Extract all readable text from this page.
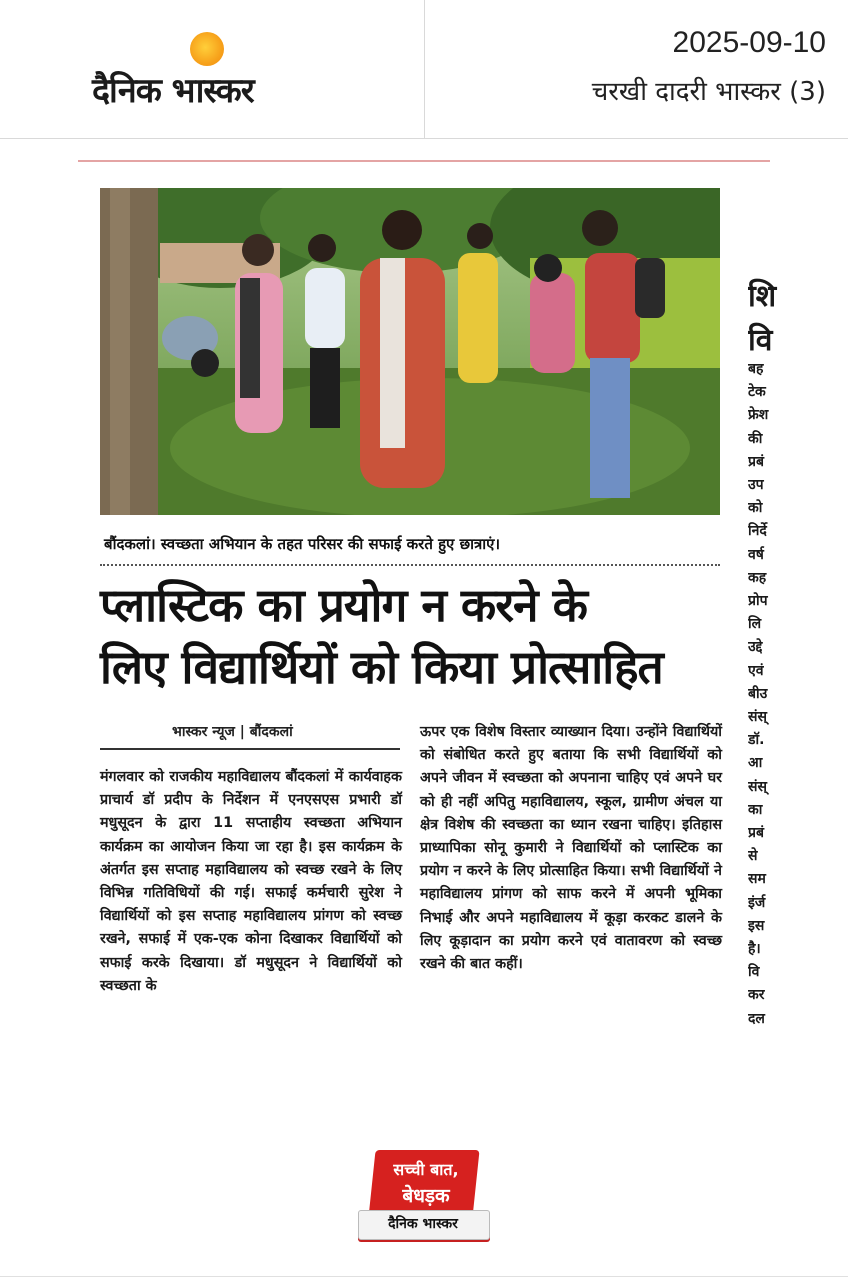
दैनिक भास्कर
2025-09-10
चरखी दादरी भास्कर (3)
बौंदकलां। स्वच्छता अभियान के तहत परिसर की सफाई करते हुए छात्राएं।
प्लास्टिक का प्रयोग न करने के
लिए विद्यार्थियों को किया प्रोत्साहित
भास्कर न्यूज | बौंदकलां
मंगलवार को राजकीय महाविद्यालय बौंदकलां में कार्यवाहक प्राचार्य डॉ प्रदीप के निर्देशन में एनएसएस प्रभारी डॉ मधुसूदन के द्वारा 11 सप्ताहीय स्वच्छता अभियान कार्यक्रम का आयोजन किया जा रहा है। इस कार्यक्रम के अंतर्गत इस सप्ताह महाविद्यालय को स्वच्छ रखने के लिए विभिन्न गतिविधियों की गई। सफाई कर्मचारी सुरेश ने विद्यार्थियों को इस सप्ताह महाविद्यालय प्रांगण को स्वच्छ रखने, सफाई में एक-एक कोना दिखाकर विद्यार्थियों को सफाई करके दिखाया। डॉ मधुसूदन ने विद्यार्थियों को स्वच्छता के
ऊपर एक विशेष विस्तार व्याख्यान दिया। उन्होंने विद्यार्थियों को संबोधित करते हुए बताया कि सभी विद्यार्थियों को अपने जीवन में स्वच्छता को अपनाना चाहिए एवं अपने घर को ही नहीं अपितु महाविद्यालय, स्कूल, ग्रामीण अंचल या क्षेत्र विशेष की स्वच्छता का ध्यान रखना चाहिए। इतिहास प्राध्यापिका सोनू कुमारी ने विद्यार्थियों को प्लास्टिक का प्रयोग न करने के लिए प्रोत्साहित किया। सभी विद्यार्थियों ने महाविद्यालय प्रांगण को साफ करने में अपनी भूमिका निभाई और अपने महाविद्यालय में कूड़ा करकट डालने के लिए कूड़ादान का प्रयोग करने एवं वातावरण को स्वच्छ रखने की बात कहीं।
शि
वि
बह
टेक
फ्रेश
की
प्रबं
उप
को
निर्दे
वर्ष
कह
प्रोप
लि
उद्दे
एवं
बीउ
संस्
डॉ.
आ
संस्
का
प्रबं
से
सम
इंर्ज
इस
है।
वि
कर
दल
सच्ची बात,
बेधड़क
दैनिक भास्कर
